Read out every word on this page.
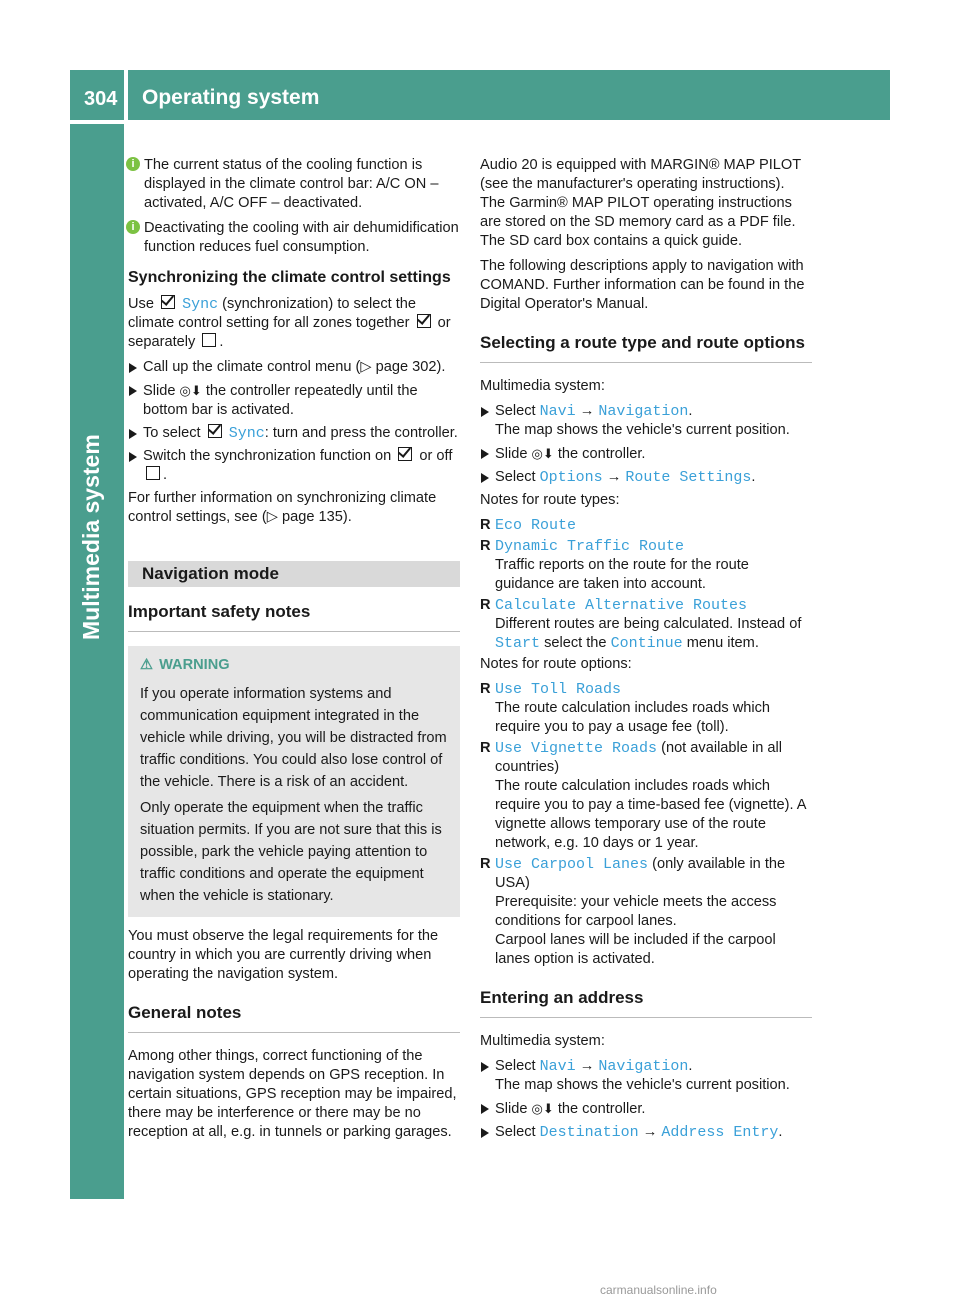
304 Operating system
Multimedia system
i The current status of the cooling function is displayed in the climate control bar: A/C ON – activated, A/C OFF – deactivated.
i Deactivating the cooling with air dehumidification function reduces fuel consumption.
Synchronizing the climate control settings

Use Sync (synchronization) to select the climate control setting for all zones together or separately .

Call up the climate control menu (▷ page 302).
Slide ◎⬇ the controller repeatedly until the bottom bar is activated.
To select Sync: turn and press the controller.
Switch the synchronization function on or off .

For further information on synchronizing climate control settings, see (▷ page 135).

Navigation mode
Important safety notes
⚠ WARNING

If you operate information systems and communication equipment integrated in the vehicle while driving, you will be distracted from traffic conditions. You could also lose control of the vehicle. There is a risk of an accident.

Only operate the equipment when the traffic situation permits. If you are not sure that this is possible, park the vehicle paying attention to traffic conditions and operate the equipment when the vehicle is stationary.

You must observe the legal requirements for the country in which you are currently driving when operating the navigation system.

General notes

Among other things, correct functioning of the navigation system depends on GPS reception. In certain situations, GPS reception may be impaired, there may be interference or there may be no reception at all, e.g. in tunnels or parking garages.

Audio 20 is equipped with MARGIN® MAP PILOT (see the manufacturer's operating instructions). The Garmin® MAP PILOT operating instructions are stored on the SD memory card as a PDF file. The SD card box contains a quick guide.

The following descriptions apply to navigation with COMAND. Further information can be found in the Digital Operator's Manual.

Selecting a route type and route options

Multimedia system:

Select Navi → Navigation.
The map shows the vehicle's current position.
Slide ◎⬇ the controller.
Select Options → Route Settings.

Notes for route types:

R Eco Route
R Dynamic Traffic Route
Traffic reports on the route for the route guidance are taken into account.
R Calculate Alternative Routes
Different routes are being calculated. Instead of Start select the Continue menu item.

Notes for route options:

R Use Toll Roads
The route calculation includes roads which require you to pay a usage fee (toll).
R Use Vignette Roads (not available in all countries)
The route calculation includes roads which require you to pay a time-based fee (vignette). A vignette allows temporary use of the route network, e.g. 10 days or 1 year.
R Use Carpool Lanes (only available in the USA)
Prerequisite: your vehicle meets the access conditions for carpool lanes.
Carpool lanes will be included if the carpool lanes option is activated.
Entering an address

Multimedia system:

Select Navi → Navigation.
The map shows the vehicle's current position.
Slide ◎⬇ the controller.
Select Destination → Address Entry.
carmanualsonline.info
